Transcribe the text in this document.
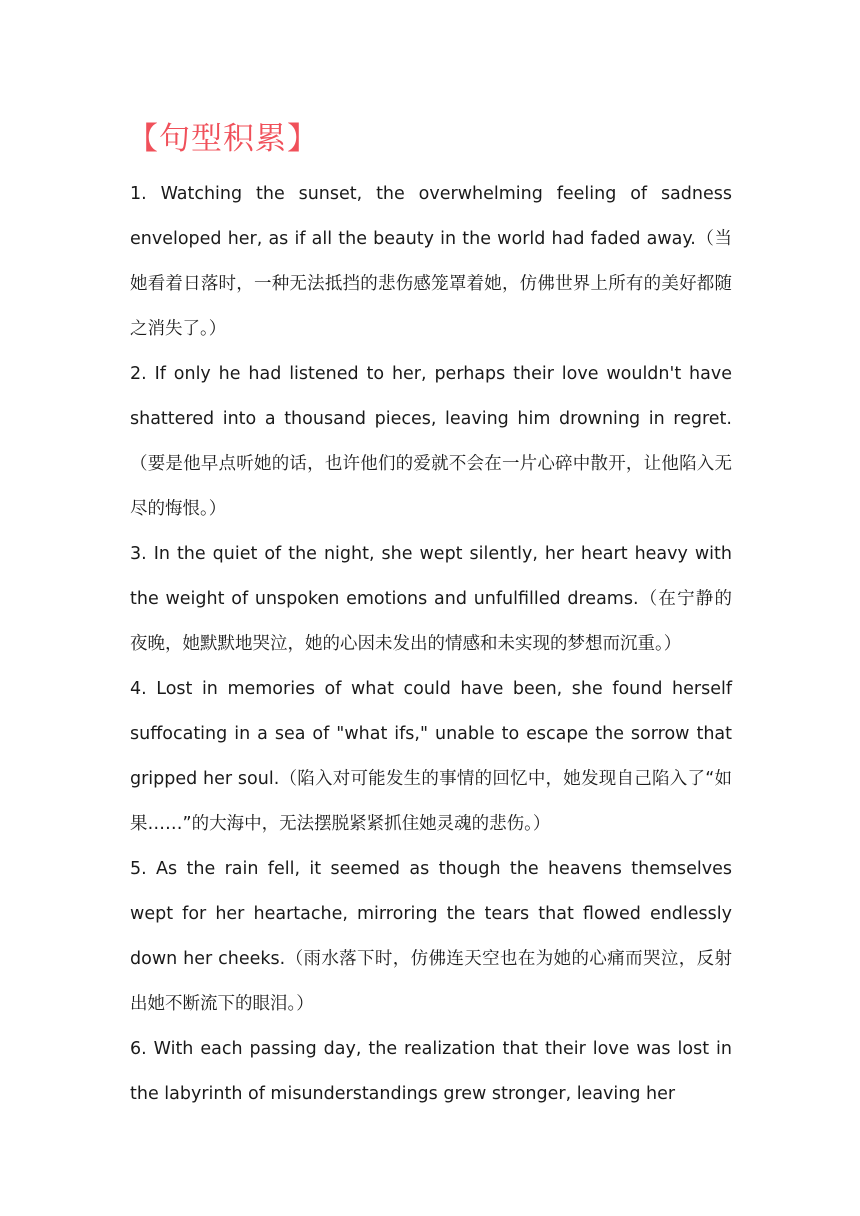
【句型积累】

1. Watching the sunset, the overwhelming feeling of sadness enveloped her, as if all the beauty in the world had faded away.（当她看着日落时，一种无法抵挡的悲伤感笼罩着她，仿佛世界上所有的美好都随之消失了。）

2. If only he had listened to her, perhaps their love wouldn't have shattered into a thousand pieces, leaving him drowning in regret.（要是他早点听她的话，也许他们的爱就不会在一片心碎中散开，让他陷入无尽的悔恨。）

3. In the quiet of the night, she wept silently, her heart heavy with the weight of unspoken emotions and unfulfilled dreams.（在宁静的夜晚，她默默地哭泣，她的心因未发出的情感和未实现的梦想而沉重。）

4. Lost in memories of what could have been, she found herself suffocating in a sea of "what ifs," unable to escape the sorrow that gripped her soul.（陷入对可能发生的事情的回忆中，她发现自己陷入了“如果……”的大海中，无法摆脱紧紧抓住她灵魂的悲伤。）

5. As the rain fell, it seemed as though the heavens themselves wept for her heartache, mirroring the tears that flowed endlessly down her cheeks.（雨水落下时，仿佛连天空也在为她的心痛而哭泣，反射出她不断流下的眼泪。）

6. With each passing day, the realization that their love was lost in the labyrinth of misunderstandings grew stronger, leaving her
